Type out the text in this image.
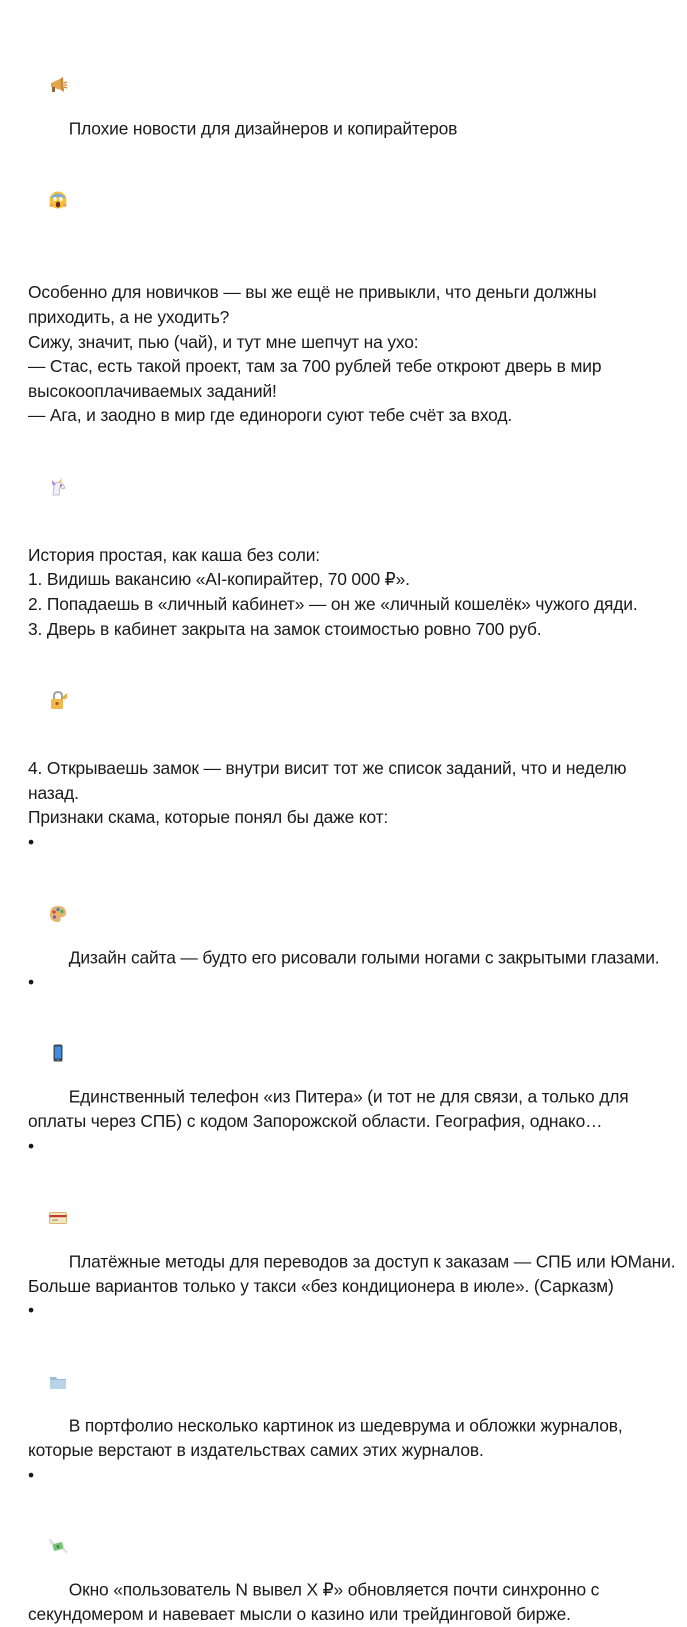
Плохие новости для дизайнеров и копирайтеров

Особенно для новичков — вы же ещё не привыкли, что деньги должны приходить, а не уходить?
Сижу, значит, пью (чай), и тут мне шепчут на ухо:
— Стас, есть такой проект, там за 700 рублей тебе откроют дверь в мир высокооплачиваемых заданий!
— Ага, и заодно в мир где единороги суют тебе счёт за вход.

История простая, как каша без соли:
1. Видишь вакансию «AI-копирайтер, 70 000 ₽».
2. Попадаешь в «личный кабинет» — он же «личный кошелёк» чужого дяди.
3. Дверь в кабинет закрыта на замок стоимостью ровно 700 руб.

4. Открываешь замок — внутри висит тот же список заданий, что и неделю назад.
Признаки скама, которые понял бы даже кот:
•

Дизайн сайта — будто его рисовали голыми ногами с закрытыми глазами.
•

Единственный телефон «из Питера» (и тот не для связи, а только для оплаты через СПБ) с кодом Запорожской области. География, однако…
•

Платёжные методы для переводов за доступ к заказам — СПБ или ЮМани. Больше вариантов только у такси «без кондиционера в июле». (Сарказм)
•

В портфолио несколько картинок из шедеврума и обложки журналов, которые верстают в издательствах самих этих журналов.
•

Окно «пользователь N вывел X ₽» обновляется почти синхронно с секундомером и навевает мысли о казино или трейдинговой бирже.
